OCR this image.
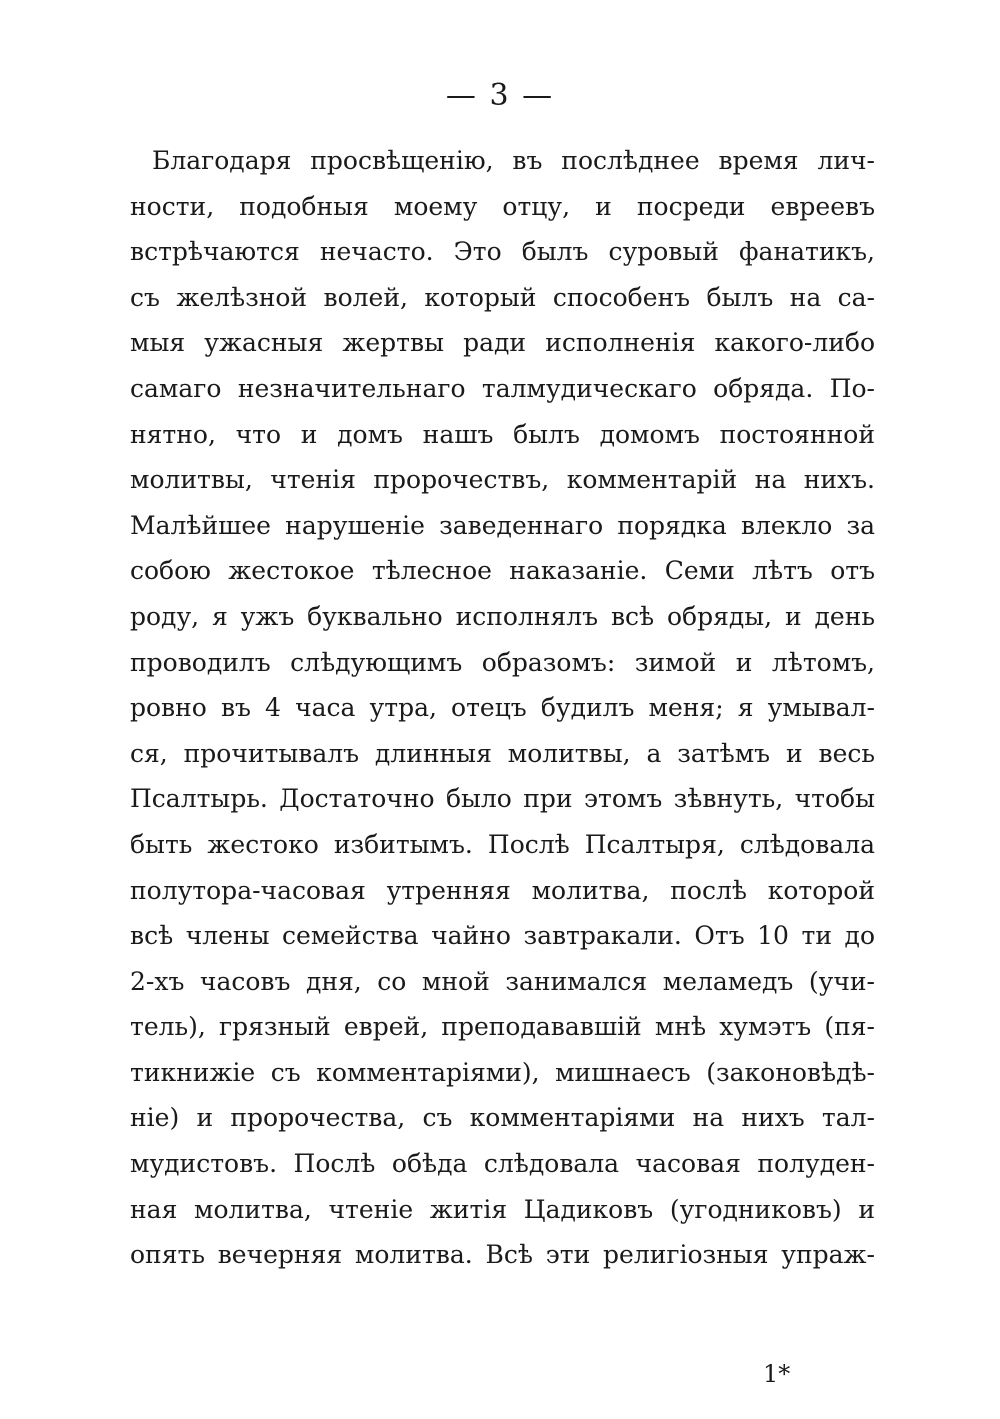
— 3 —
Благодаря просвѣщенію, въ послѣднее время лич-
ности, подобныя моему отцу, и посреди евреевъ
встрѣчаются нечасто. Это былъ суровый фанатикъ,
съ желѣзной волей, который способенъ былъ на са-
мыя ужасныя жертвы ради исполненія какого-либо
самаго незначительнаго талмудическаго обряда. По-
нятно, что и домъ нашъ былъ домомъ постоянной
молитвы, чтенія пророчествъ, комментарій на нихъ.
Малѣйшее нарушеніе заведеннаго порядка влекло за
собою жестокое тѣлесное наказаніе. Семи лѣтъ отъ
роду, я ужъ буквально исполнялъ всѣ обряды, и день
проводилъ слѣдующимъ образомъ: зимой и лѣтомъ,
ровно въ 4 часа утра, отецъ будилъ меня; я умывал-
ся, прочитывалъ длинныя молитвы, а затѣмъ и весь
Псалтырь. Достаточно было при этомъ зѣвнуть, чтобы
быть жестоко избитымъ. Послѣ Псалтыря, слѣдовала
полутора-часовая утренняя молитва, послѣ которой
всѣ члены семейства чайно завтракали. Отъ 10 ти до
2-хъ часовъ дня, со мной занимался меламедъ (учи-
тель), грязный еврей, преподававшій мнѣ хумэтъ (пя-
тикнижіе съ комментаріями), мишнаесъ (законовѣдѣ-
ніе) и пророчества, съ комментаріями на нихъ тал-
мудистовъ. Послѣ обѣда слѣдовала часовая полуден-
ная молитва, чтеніе житія Цадиковъ (угодниковъ) и
опять вечерняя молитва. Всѣ эти религіозныя упраж-
1*
